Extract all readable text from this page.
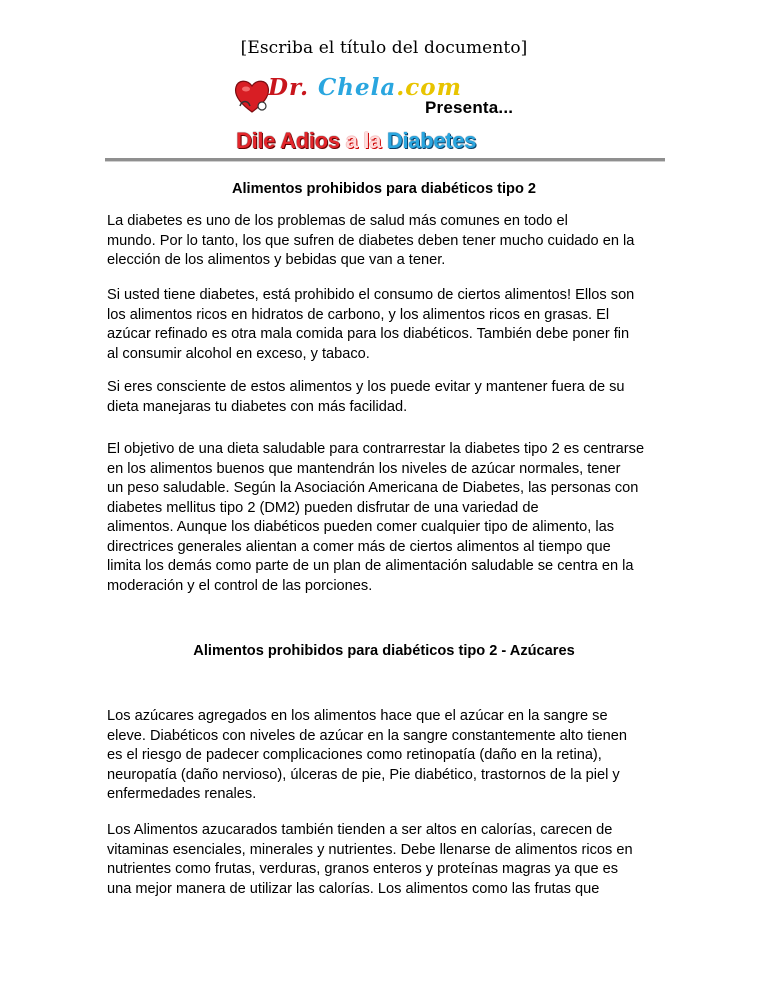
[Escriba el título del documento]
Dr. Chela.com
Presenta...
Dile Adios a la Diabetes
Alimentos prohibidos para diabéticos tipo 2

La diabetes es uno de los problemas de salud más comunes en todo el

mundo. Por lo tanto, los que sufren de diabetes deben tener mucho cuidado en la

elección de los alimentos y bebidas que van a tener.

Si usted tiene diabetes, está prohibido el consumo de ciertos alimentos! Ellos son

los alimentos ricos en hidratos de carbono, y los alimentos ricos en grasas. El

azúcar refinado es otra mala comida para los diabéticos. También debe poner fin

al consumir alcohol en exceso, y tabaco.

Si eres consciente de estos alimentos y los puede evitar y mantener fuera de su

dieta manejaras tu diabetes con más facilidad.

El objetivo de una dieta saludable para contrarrestar la diabetes tipo 2 es centrarse

en los alimentos buenos que mantendrán los niveles de azúcar normales, tener

un peso saludable. Según la Asociación Americana de Diabetes, las personas con

diabetes mellitus tipo 2 (DM2) pueden disfrutar de una variedad de

alimentos. Aunque los diabéticos pueden comer cualquier tipo de alimento, las

directrices generales alientan a comer más de ciertos alimentos al tiempo que

limita los demás como parte de un plan de alimentación saludable se centra en la

moderación y el control de las porciones.

Alimentos prohibidos para diabéticos tipo 2 - Azúcares

Los azúcares agregados en los alimentos hace que el azúcar en la sangre se

eleve. Diabéticos con niveles de azúcar en la sangre constantemente alto tienen

es el riesgo de padecer complicaciones como retinopatía (daño en la retina),

neuropatía (daño nervioso), úlceras de pie, Pie diabético, trastornos de la piel y

enfermedades renales.

Los Alimentos azucarados también tienden a ser altos en calorías, carecen de

vitaminas esenciales, minerales y nutrientes. Debe llenarse de alimentos ricos en

nutrientes como frutas, verduras, granos enteros y proteínas magras ya que es

una mejor manera de utilizar las calorías. Los alimentos como las frutas que
